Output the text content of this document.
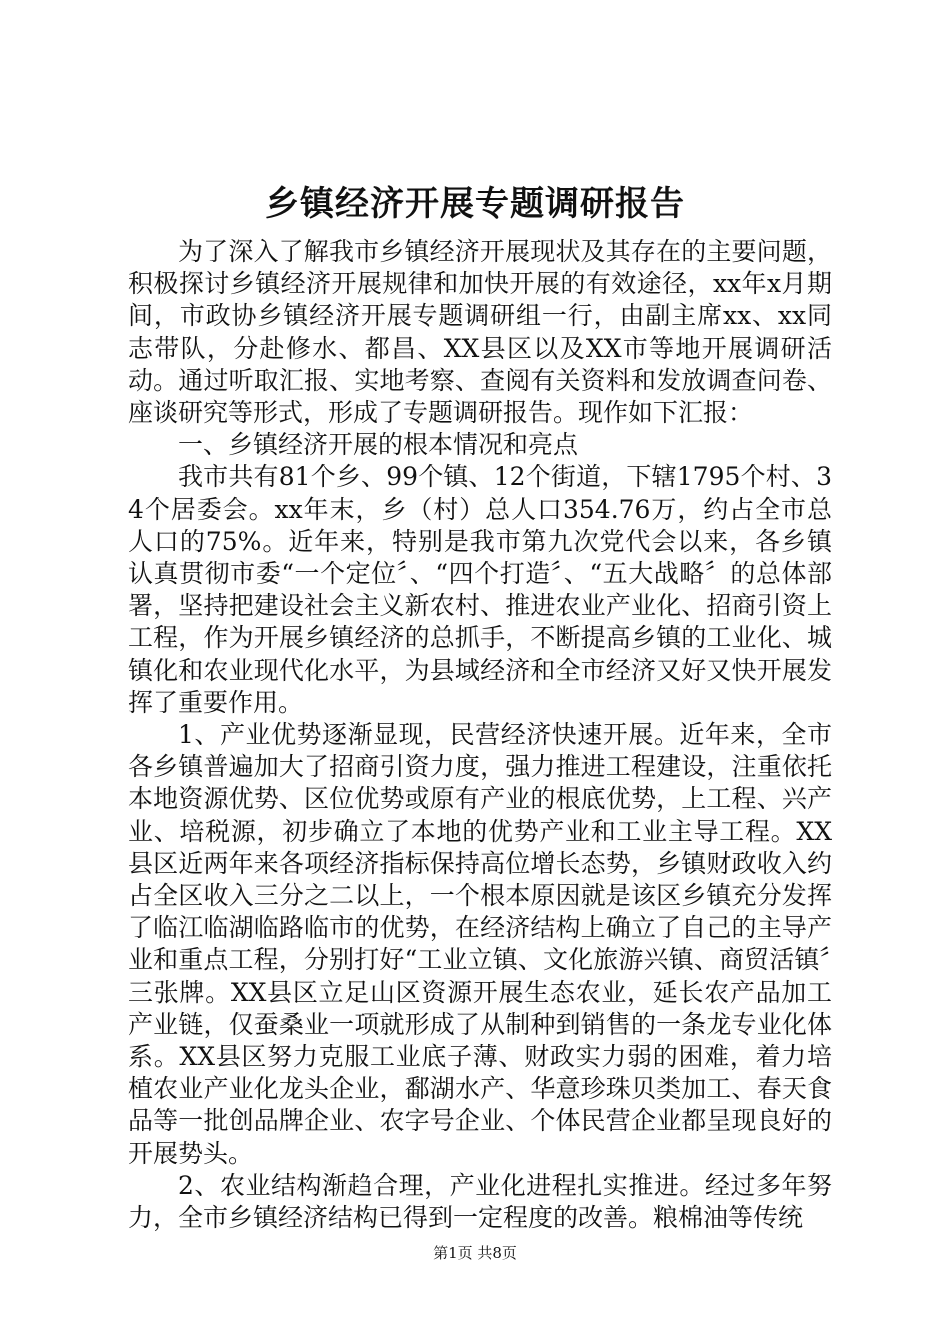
乡镇经济开展专题调研报告

为了深入了解我市乡镇经济开展现状及其存在的主要问题，积极探讨乡镇经济开展规律和加快开展的有效途径，xx年x月期间，市政协乡镇经济开展专题调研组一行，由副主席xx、xx同志带队，分赴修水、都昌、XX县区以及XX市等地开展调研活动。通过听取汇报、实地考察、查阅有关资料和发放调查问卷、座谈研究等形式，形成了专题调研报告。现作如下汇报：

一、乡镇经济开展的根本情况和亮点

我市共有81个乡、99个镇、12个街道，下辖1795个村、34个居委会。xx年末，乡（村）总人口354.76万，约占全市总人口的75%。近年来，特别是我市第九次党代会以来，各乡镇认真贯彻市委“一个定位〞、“四个打造〞、“五大战略〞的总体部署，坚持把建设社会主义新农村、推进农业产业化、招商引资上工程，作为开展乡镇经济的总抓手，不断提高乡镇的工业化、城镇化和农业现代化水平，为县域经济和全市经济又好又快开展发挥了重要作用。

1、产业优势逐渐显现，民营经济快速开展。近年来，全市各乡镇普遍加大了招商引资力度，强力推进工程建设，注重依托本地资源优势、区位优势或原有产业的根底优势，上工程、兴产业、培税源，初步确立了本地的优势产业和工业主导工程。XX县区近两年来各项经济指标保持高位增长态势，乡镇财政收入约占全区收入三分之二以上，一个根本原因就是该区乡镇充分发挥了临江临湖临路临市的优势，在经济结构上确立了自己的主导产业和重点工程，分别打好“工业立镇、文化旅游兴镇、商贸活镇〞三张牌。XX县区立足山区资源开展生态农业，延长农产品加工产业链，仅蚕桑业一项就形成了从制种到销售的一条龙专业化体系。XX县区努力克服工业底子薄、财政实力弱的困难，着力培植农业产业化龙头企业，鄱湖水产、华意珍珠贝类加工、春天食品等一批创品牌企业、农字号企业、个体民营企业都呈现良好的开展势头。

2、农业结构渐趋合理，产业化进程扎实推进。经过多年努力，全市乡镇经济结构已得到一定程度的改善。粮棉油等传统

第1页 共8页
